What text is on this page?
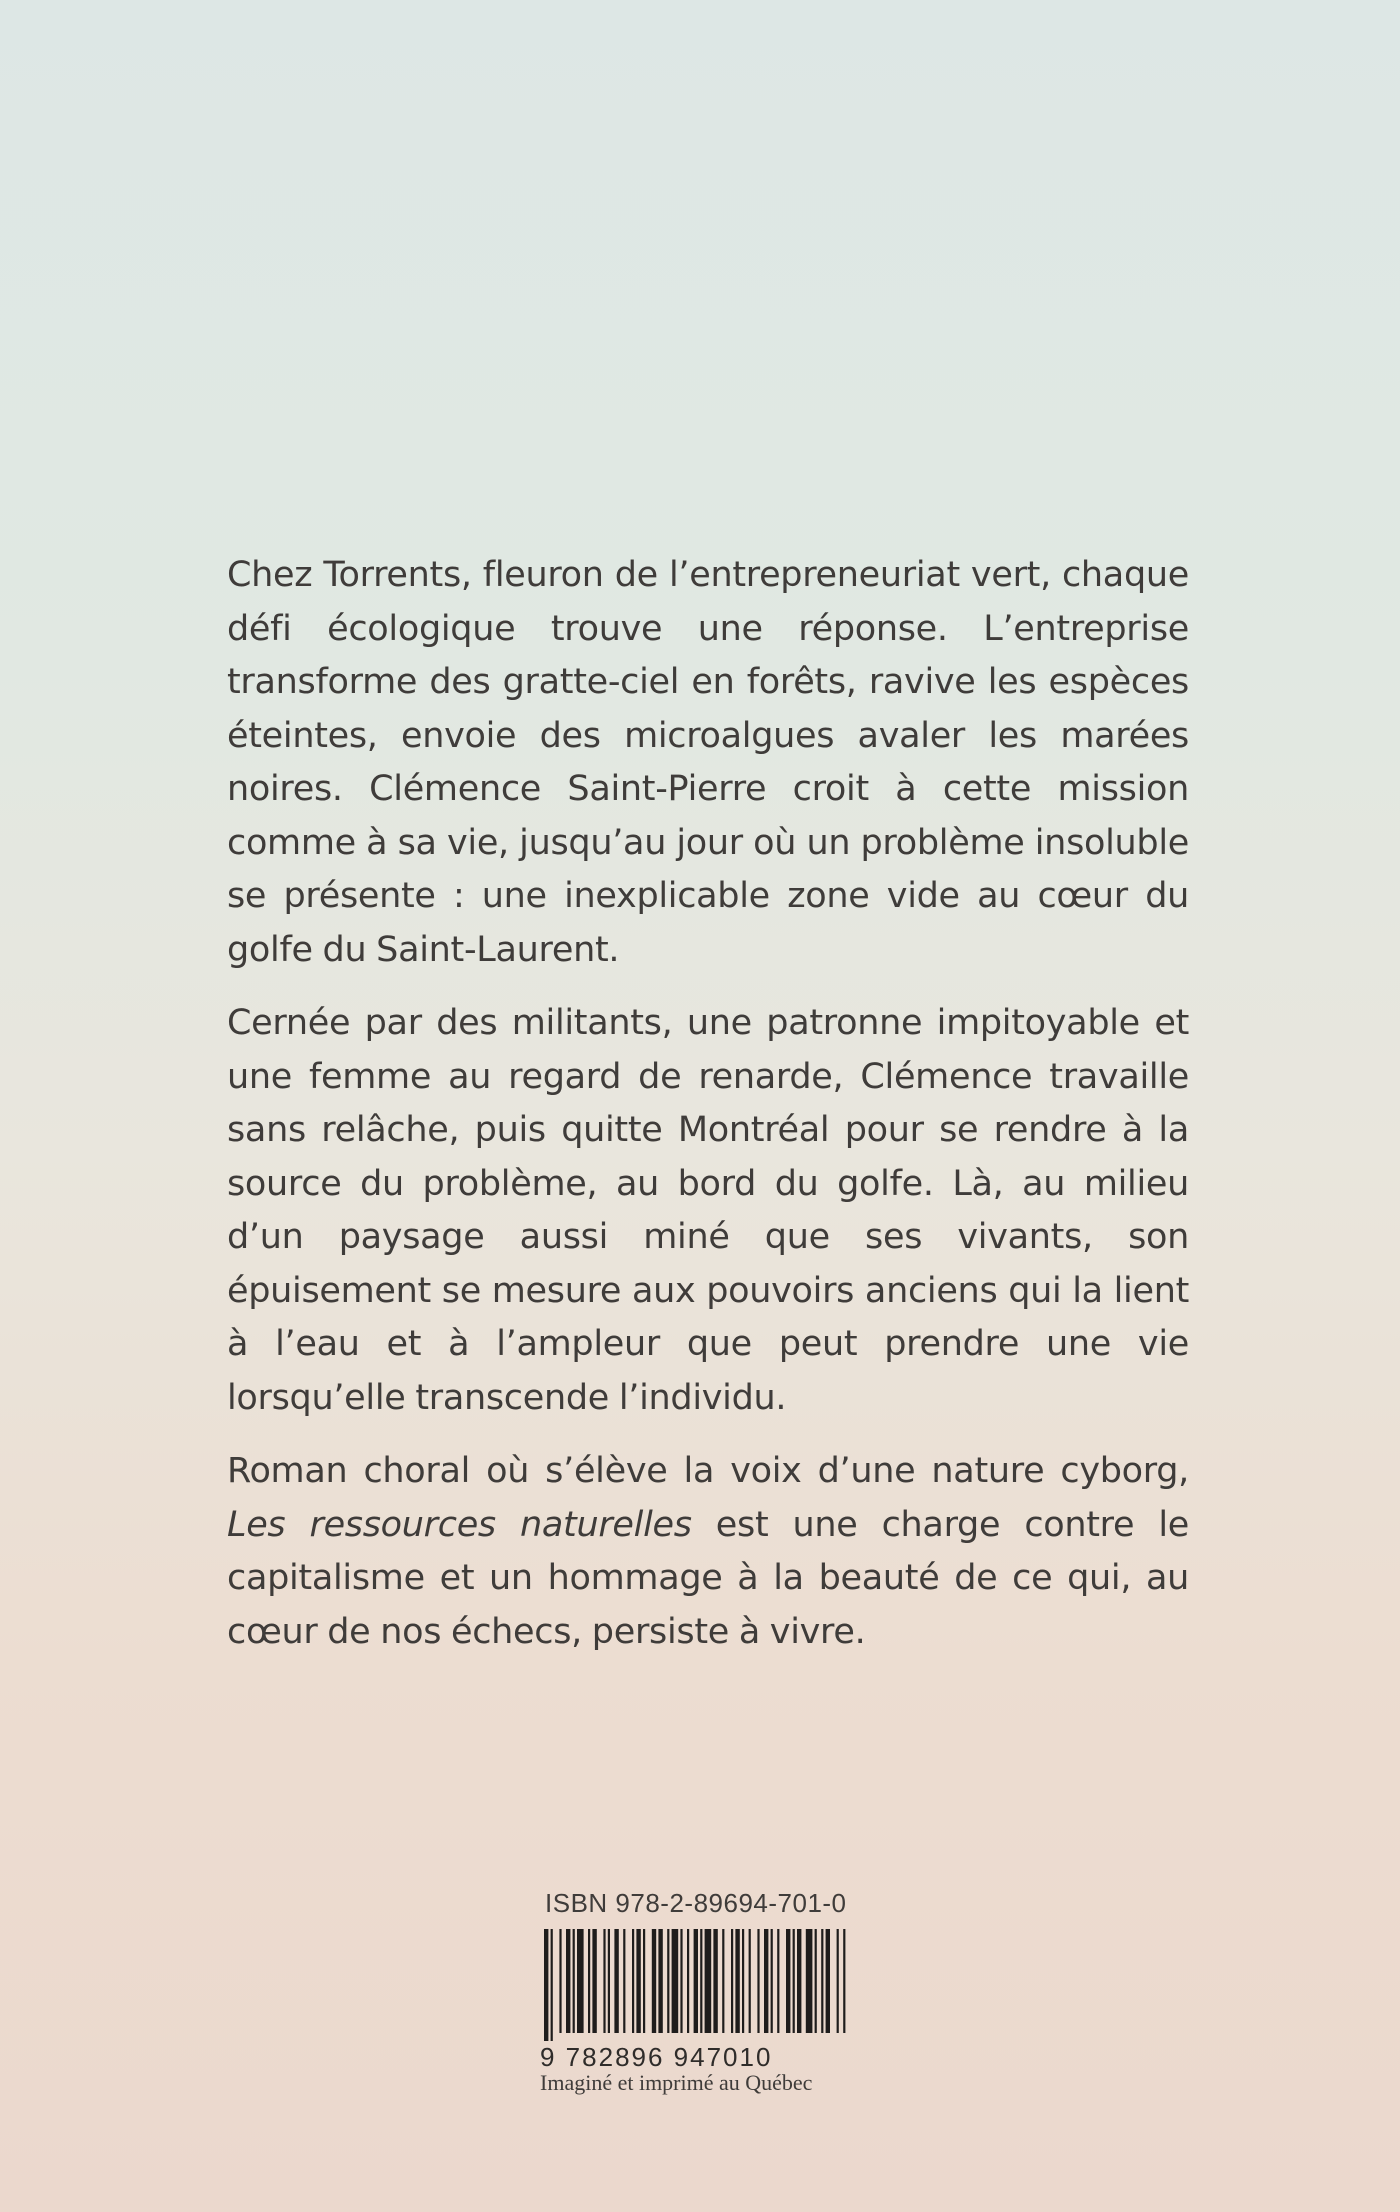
Chez Torrents, fleuron de l’entrepreneuriat vert, chaque défi écologique trouve une réponse. L’entreprise transforme des gratte-ciel en forêts, ravive les espèces éteintes, envoie des microalgues avaler les marées noires. Clémence Saint-Pierre croit à cette mission comme à sa vie, jusqu’au jour où un problème insoluble se présente : une inexplicable zone vide au cœur du golfe du Saint-Laurent.

Cernée par des militants, une patronne impitoyable et une femme au regard de renarde, Clémence travaille sans relâche, puis quitte Montréal pour se rendre à la source du problème, au bord du golfe. Là, au milieu d’un paysage aussi miné que ses vivants, son épuisement se mesure aux pouvoirs anciens qui la lient à l’eau et à l’ampleur que peut prendre une vie lorsqu’elle transcende l’individu.

Roman choral où s’élève la voix d’une nature cyborg, Les ressources naturelles est une charge contre le capitalisme et un hommage à la beauté de ce qui, au cœur de nos échecs, persiste à vivre.

ISBN 978-2-89694-701-0
9 782896 947010
Imaginé et imprimé au Québec
